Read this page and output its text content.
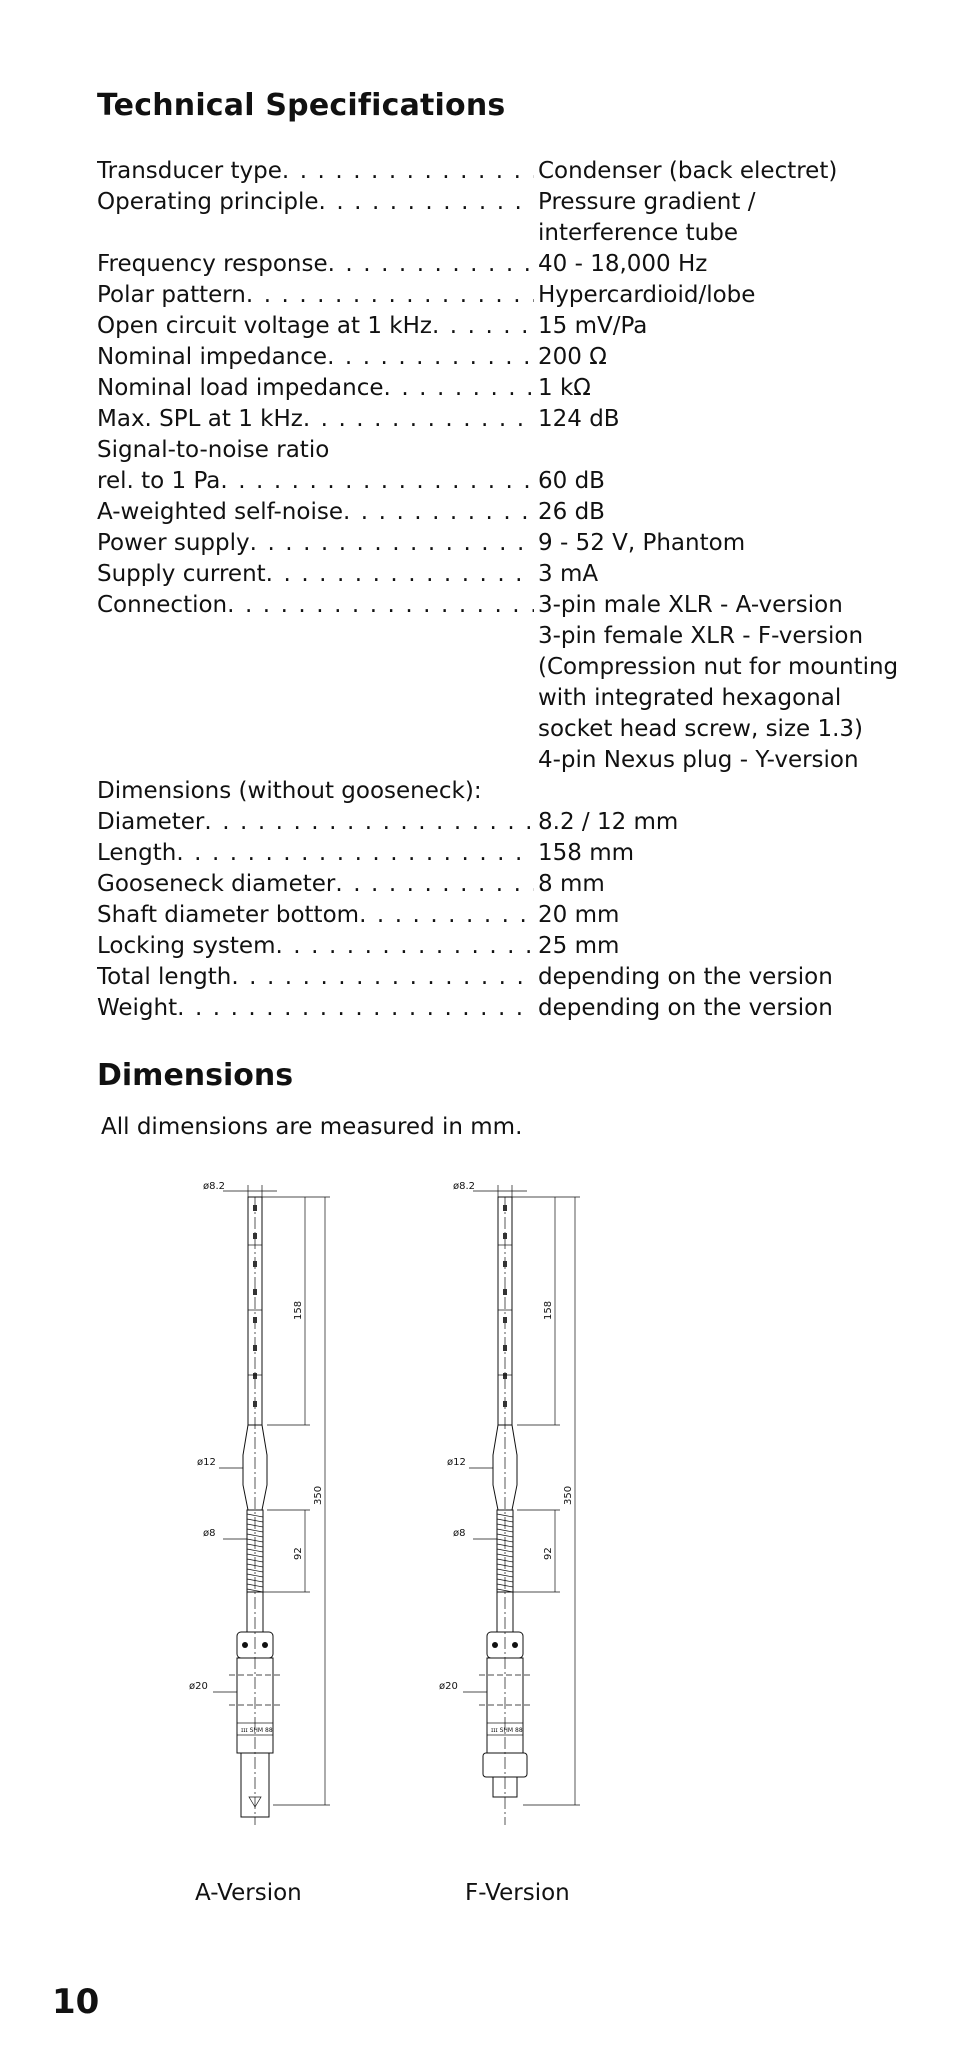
Technical Specifications
Transducer type . . .	Condenser (back electret)
Operating principle . . .	Pressure gradient /
interference tube
Frequency response . . .	40 - 18,000 Hz
Polar pattern . . .	Hypercardioid/lobe
Open circuit voltage at 1 kHz . . .	15 mV/Pa
Nominal impedance . . .	200 Ω
Nominal load impedance . . .	1 kΩ
Max. SPL at 1 kHz . . .	124 dB
Signal-to-noise ratio
rel. to 1 Pa . . .	60 dB
A-weighted self-noise . . .	26 dB
Power supply . . .	9 - 52 V, Phantom
Supply current . . .	3 mA
Connection . . .	3-pin male XLR - A-version
3-pin female XLR - F-version
(Compression nut for mounting
with integrated hexagonal
socket head screw, size 1.3)
4-pin Nexus plug - Y-version
Dimensions (without gooseneck):
Diameter . . .	8.2 / 12 mm
Length . . .	158 mm
Gooseneck diameter . . .	8 mm
Shaft diameter bottom . . .	20 mm
Locking system . . .	25 mm
Total length . . .	depending on the version
Weight . . .	depending on the version
Dimensions
All dimensions are measured in mm.
ø8.2
ø12
ø8
ø20
ɪɪɪ SHM 88
158
92
350
ø8.2
ø12
ø8
ø20
ɪɪɪ SHM 88
158
92
350
A-Version	F-Version
10
